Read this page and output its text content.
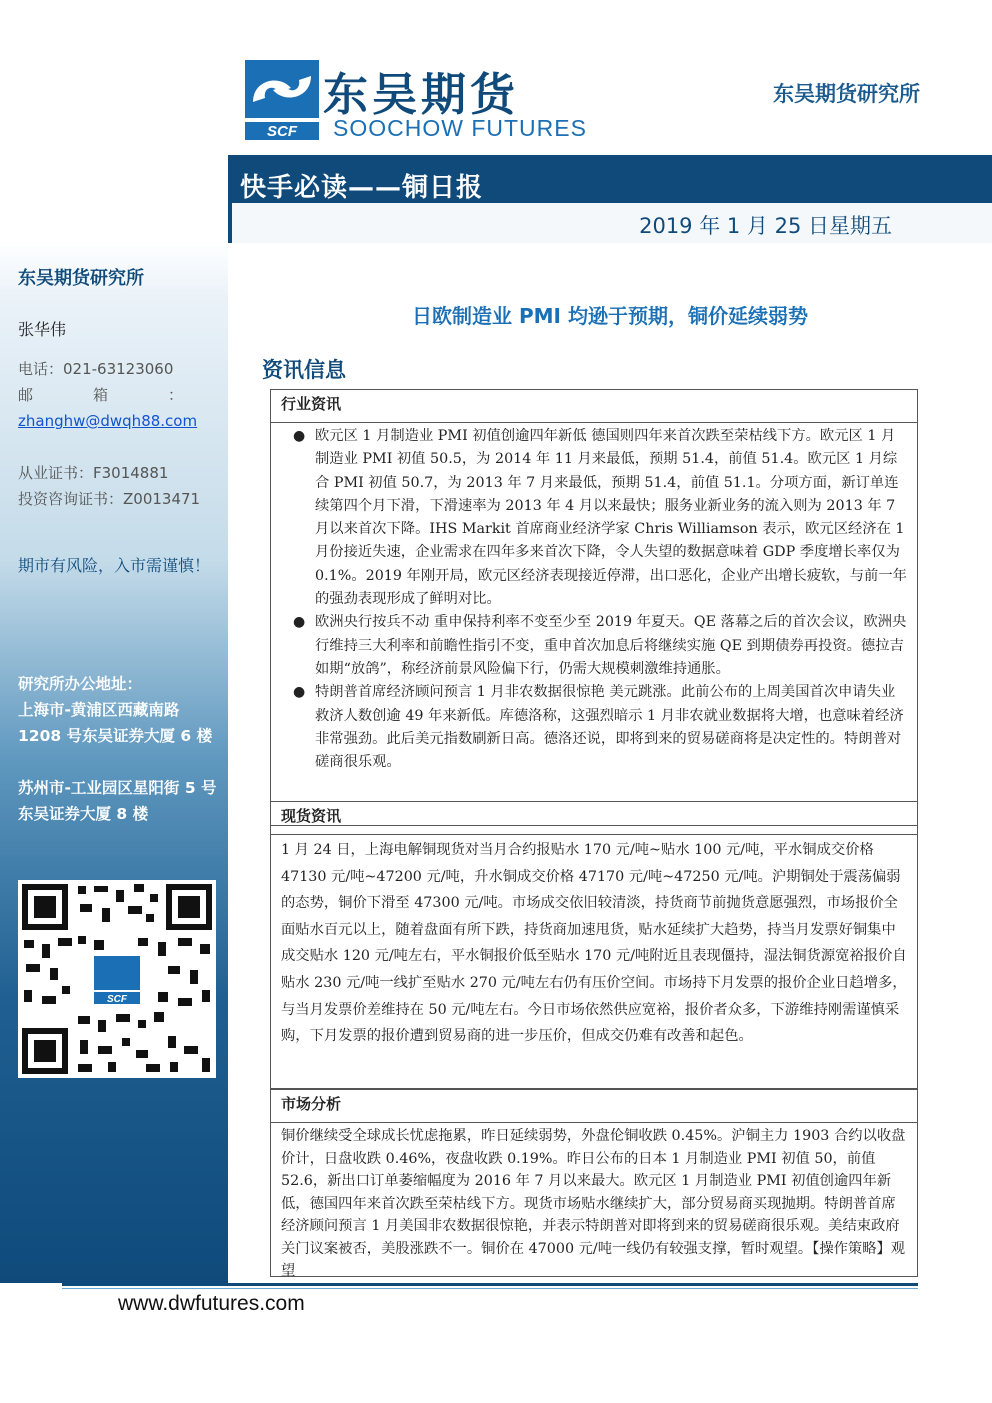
SCF
东吴期货
SOOCHOW FUTURES
东吴期货研究所
快手必读——铜日报
2019 年 1 月 25 日星期五
东吴期货研究所
张华伟
电话：021-63123060
邮　　　　箱　　　　：
zhanghw@dwqh88.com
从业证书：F3014881
投资咨询证书：Z0013471
期市有风险，入市需谨慎！
研究所办公地址：
上海市-黄浦区西藏南路 1208 号东吴证券大厦 6 楼
苏州市-工业园区星阳街 5 号东吴证券大厦 8 楼
SCF
日欧制造业 PMI 均逊于预期，铜价延续弱势
资讯信息
行业资讯
● 欧元区 1 月制造业 PMI 初值创逾四年新低 德国则四年来首次跌至荣枯线下方。欧元区 1 月制造业 PMI 初值 50.5，为 2014 年 11 月来最低，预期 51.4，前值 51.4。欧元区 1 月综合 PMI 初值 50.7，为 2013 年 7 月来最低，预期 51.4，前值 51.1。分项方面，新订单连续第四个月下滑，下滑速率为 2013 年 4 月以来最快；服务业新业务的流入则为 2013 年 7 月以来首次下降。IHS Markit 首席商业经济学家 Chris Williamson 表示，欧元区经济在 1 月份接近失速，企业需求在四年多来首次下降，令人失望的数据意味着 GDP 季度增长率仅为 0.1%。2019 年刚开局，欧元区经济表现接近停滞，出口恶化，企业产出增长疲软，与前一年的强劲表现形成了鲜明对比。
● 欧洲央行按兵不动 重申保持利率不变至少至 2019 年夏天。QE 落幕之后的首次会议，欧洲央行维持三大利率和前瞻性指引不变，重申首次加息后将继续实施 QE 到期债券再投资。德拉吉如期“放鸽”，称经济前景风险偏下行，仍需大规模刺激维持通胀。
● 特朗普首席经济顾问预言 1 月非农数据很惊艳 美元跳涨。此前公布的上周美国首次申请失业救济人数创逾 49 年来新低。库德洛称，这强烈暗示 1 月非农就业数据将大增，也意味着经济非常强劲。此后美元指数刷新日高。德洛还说，即将到来的贸易磋商将是决定性的。特朗普对磋商很乐观。
现货资讯
1 月 24 日，上海电解铜现货对当月合约报贴水 170 元/吨~贴水 100 元/吨，平水铜成交价格 47130 元/吨~47200 元/吨，升水铜成交价格 47170 元/吨~47250 元/吨。沪期铜处于震荡偏弱的态势，铜价下滑至 47300 元/吨。市场成交依旧较清淡，持货商节前抛货意愿强烈，市场报价全面贴水百元以上，随着盘面有所下跌，持货商加速甩货，贴水延续扩大趋势，持当月发票好铜集中成交贴水 120 元/吨左右，平水铜报价低至贴水 170 元/吨附近且表现僵持，湿法铜货源宽裕报价自贴水 230 元/吨一线扩至贴水 270 元/吨左右仍有压价空间。市场持下月发票的报价企业日趋增多，与当月发票价差维持在 50 元/吨左右。今日市场依然供应宽裕，报价者众多，下游维持刚需谨慎采购，下月发票的报价遭到贸易商的进一步压价，但成交仍难有改善和起色。
市场分析
铜价继续受全球成长忧虑拖累，昨日延续弱势，外盘伦铜收跌 0.45%。沪铜主力 1903 合约以收盘价计，日盘收跌 0.46%，夜盘收跌 0.19%。昨日公布的日本 1 月制造业 PMI 初值 50，前值 52.6，新出口订单萎缩幅度为 2016 年 7 月以来最大。欧元区 1 月制造业 PMI 初值创逾四年新低，德国四年来首次跌至荣枯线下方。现货市场贴水继续扩大，部分贸易商买现抛期。特朗普首席经济顾问预言 1 月美国非农数据很惊艳，并表示特朗普对即将到来的贸易磋商很乐观。美结束政府关门议案被否，美股涨跌不一。铜价在 47000 元/吨一线仍有较强支撑，暂时观望。【操作策略】观望
www.dwfutures.com
